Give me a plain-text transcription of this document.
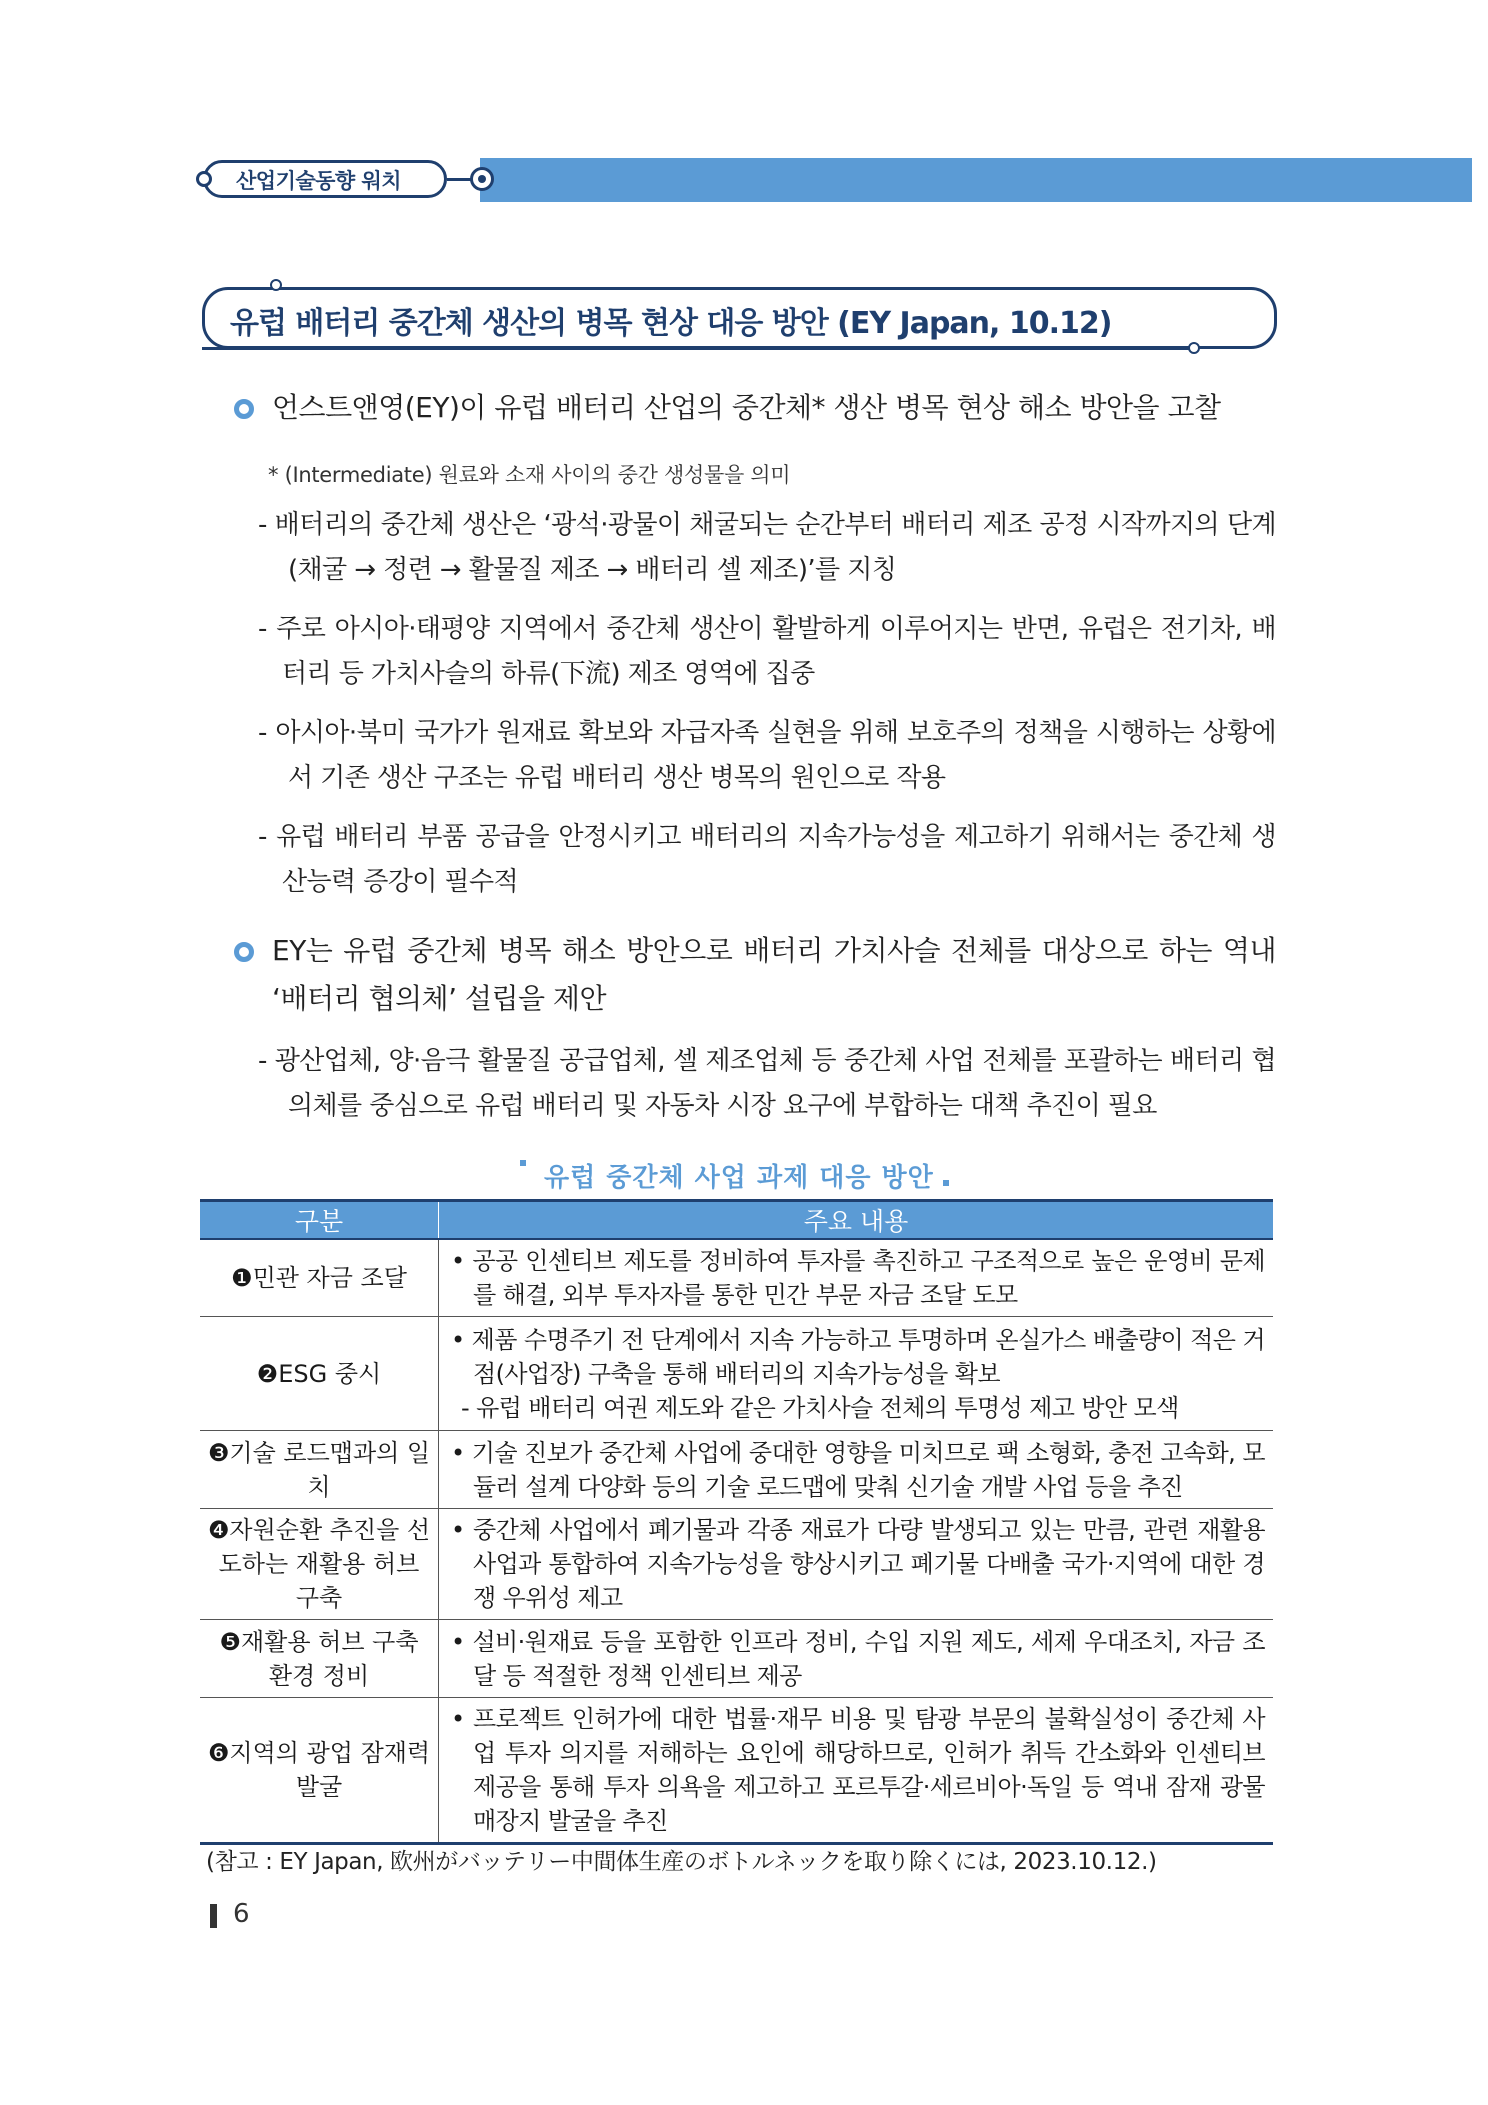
산업기술동향 워치
유럽 배터리 중간체 생산의 병목 현상 대응 방안 (EY Japan, 10.12)
언스트앤영(EY)이 유럽 배터리 산업의 중간체* 생산 병목 현상 해소 방안을 고찰
* (Intermediate) 원료와 소재 사이의 중간 생성물을 의미
- 배터리의 중간체 생산은 ‘광석·광물이 채굴되는 순간부터 배터리 제조 공정 시작까지의 단계(채굴 → 정련 → 활물질 제조 → 배터리 셀 제조)’를 지칭
- 주로 아시아·태평양 지역에서 중간체 생산이 활발하게 이루어지는 반면, 유럽은 전기차, 배터리 등 가치사슬의 하류(下流) 제조 영역에 집중
- 아시아·북미 국가가 원재료 확보와 자급자족 실현을 위해 보호주의 정책을 시행하는 상황에서 기존 생산 구조는 유럽 배터리 생산 병목의 원인으로 작용
- 유럽 배터리 부품 공급을 안정시키고 배터리의 지속가능성을 제고하기 위해서는 중간체 생산능력 증강이 필수적
EY는 유럽 중간체 병목 해소 방안으로 배터리 가치사슬 전체를 대상으로 하는 역내 ‘배터리 협의체’ 설립을 제안
- 광산업체, 양·음극 활물질 공급업체, 셀 제조업체 등 중간체 사업 전체를 포괄하는 배터리 협의체를 중심으로 유럽 배터리 및 자동차 시장 요구에 부합하는 대책 추진이 필요
유럽 중간체 사업 과제 대응 방안
구분	주요 내용
❶민관 자금 조달	• 공공 인센티브 제도를 정비하여 투자를 촉진하고 구조적으로 높은 운영비 문제를 해결, 외부 투자자를 통한 민간 부문 자금 조달 도모

❷ESG 중시	• 제품 수명주기 전 단계에서 지속 가능하고 투명하며 온실가스 배출량이 적은 거점(사업장) 구축을 통해 배터리의 지속가능성을 확보
- 유럽 배터리 여권 제도와 같은 가치사슬 전체의 투명성 제고 방안 모색

❸기술 로드맵과의 일치	• 기술 진보가 중간체 사업에 중대한 영향을 미치므로 팩 소형화, 충전 고속화, 모듈러 설계 다양화 등의 기술 로드맵에 맞춰 신기술 개발 사업 등을 추진

❹자원순환 추진을 선도하는 재활용 허브 구축	• 중간체 사업에서 폐기물과 각종 재료가 다량 발생되고 있는 만큼, 관련 재활용 사업과 통합하여 지속가능성을 향상시키고 폐기물 다배출 국가·지역에 대한 경쟁 우위성 제고

❺재활용 허브 구축 환경 정비	• 설비·원재료 등을 포함한 인프라 정비, 수입 지원 제도, 세제 우대조치, 자금 조달 등 적절한 정책 인센티브 제공

❻지역의 광업 잠재력 발굴	• 프로젝트 인허가에 대한 법률·재무 비용 및 탐광 부문의 불확실성이 중간체 사업 투자 의지를 저해하는 요인에 해당하므로, 인허가 취득 간소화와 인센티브 제공을 통해 투자 의욕을 제고하고 포르투갈·세르비아·독일 등 역내 잠재 광물 매장지 발굴을 추진
(참고 : EY Japan, 欧州がバッテリー中間体生産のボトルネックを取り除くには, 2023.10.12.)
6
